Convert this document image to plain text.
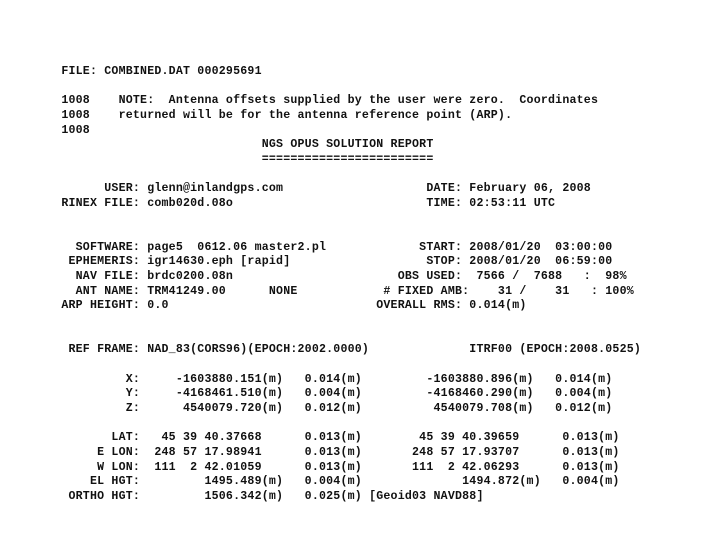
FILE: COMBINED.DAT 000295691
1008    NOTE:  Antenna offsets supplied by the user were zero.  Coordinates
1008    returned will be for the antenna reference point (ARP).
1008
NGS OPUS SOLUTION REPORT
========================
USER: glenn@inlandgps.com                    DATE: February 06, 2008
RINEX FILE: comb020d.08o                           TIME: 02:53:11 UTC
SOFTWARE: page5  0612.06 master2.pl             START: 2008/01/20  03:00:00
EPHEMERIS: igr14630.eph [rapid]                   STOP: 2008/01/20  06:59:00
NAV FILE: brdc0200.08n                       OBS USED:  7566 /  7688   :  98%
ANT NAME: TRM41249.00      NONE            # FIXED AMB:    31 /    31   : 100%
ARP HEIGHT: 0.0                             OVERALL RMS: 0.014(m)
REF FRAME: NAD_83(CORS96)(EPOCH:2002.0000)              ITRF00 (EPOCH:2008.0525)
X:     -1603880.151(m)   0.014(m)         -1603880.896(m)   0.014(m)
Y:     -4168461.510(m)   0.004(m)         -4168460.290(m)   0.004(m)
Z:      4540079.720(m)   0.012(m)          4540079.708(m)   0.012(m)
LAT:   45 39 40.37668      0.013(m)        45 39 40.39659      0.013(m)
E LON:  248 57 17.98941      0.013(m)       248 57 17.93707      0.013(m)
W LON:  111  2 42.01059      0.013(m)       111  2 42.06293      0.013(m)
EL HGT:         1495.489(m)   0.004(m)              1494.872(m)   0.004(m)
ORTHO HGT:         1506.342(m)   0.025(m) [Geoid03 NAVD88]
